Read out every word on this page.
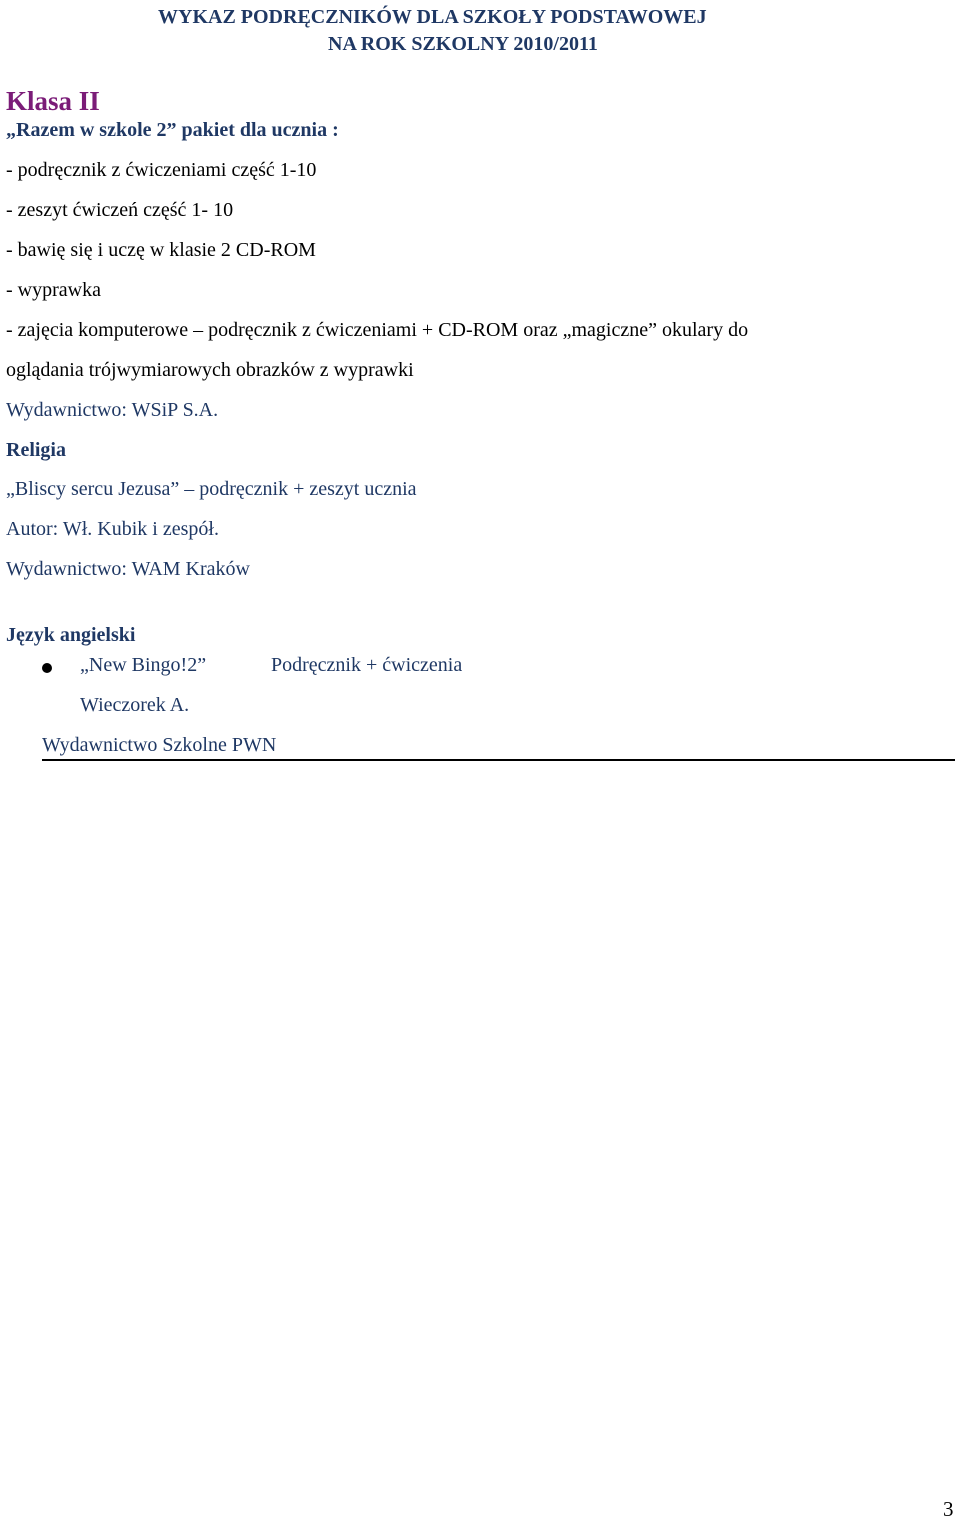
WYKAZ PODRĘCZNIKÓW DLA SZKOŁY PODSTAWOWEJ
NA ROK SZKOLNY 2010/2011
Klasa II
„Razem w szkole 2” pakiet dla ucznia :
- podręcznik z ćwiczeniami część 1-10
- zeszyt ćwiczeń część 1- 10
- bawię się i uczę w klasie 2 CD-ROM
- wyprawka
- zajęcia komputerowe – podręcznik z ćwiczeniami + CD-ROM oraz „magiczne” okulary do
oglądania trójwymiarowych obrazków z wyprawki
Wydawnictwo: WSiP S.A.
Religia
„Bliscy sercu Jezusa” – podręcznik + zeszyt ucznia
Autor: Wł. Kubik i zespół.
Wydawnictwo: WAM Kraków
Język angielski
„New Bingo!2”	Podręcznik + ćwiczenia
Wieczorek A.
Wydawnictwo Szkolne PWN
3
